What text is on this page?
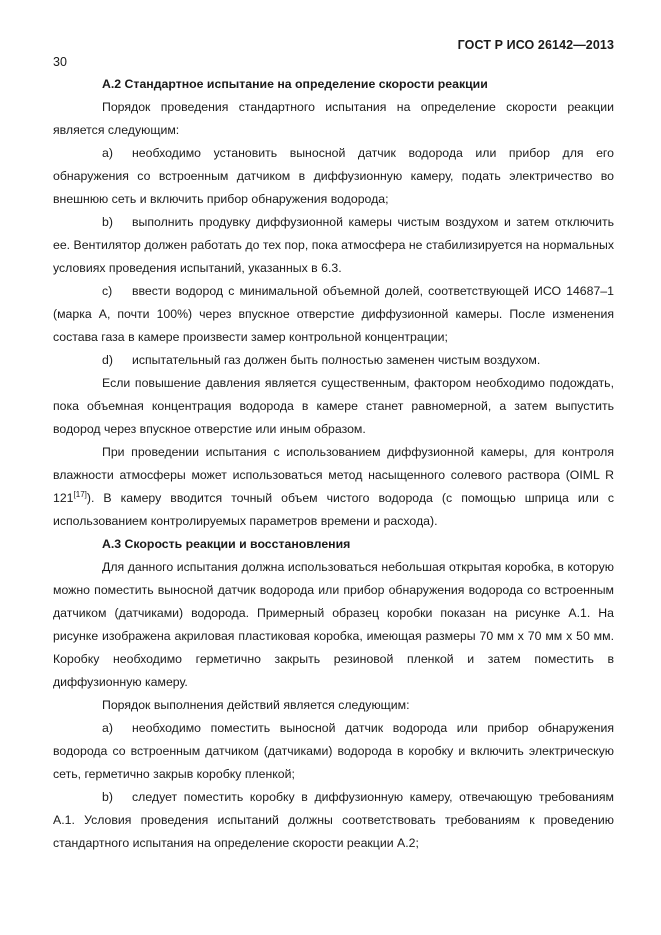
ГОСТ Р ИСО 26142—2013
30

А.2 Стандартное испытание на определение скорости реакции

Порядок проведения стандартного испытания на определение скорости реакции является следующим:

a) необходимо установить выносной датчик водорода или прибор для его обнаружения со встроенным датчиком в диффузионную камеру, подать электричество во внешнюю сеть и включить прибор обнаружения водорода;

b) выполнить продувку диффузионной камеры чистым воздухом и затем отключить ее. Вентилятор должен работать до тех пор, пока атмосфера не стабилизируется на нормальных условиях проведения испытаний, указанных в 6.3.

c) ввести водород с минимальной объемной долей, соответствующей ИСО 14687–1 (марка А, почти 100%) через впускное отверстие диффузионной камеры. После изменения состава газа в камере произвести замер контрольной концентрации;

d) испытательный газ должен быть полностью заменен чистым воздухом.

Если повышение давления является существенным, фактором необходимо подождать, пока объемная концентрация водорода в камере станет равномерной, а затем выпустить водород через впускное отверстие или иным образом.

При проведении испытания с использованием диффузионной камеры, для контроля влажности атмосферы может использоваться метод насыщенного солевого раствора (OIML R 121[17]). В камеру вводится точный объем чистого водорода (с помощью шприца или с использованием контролируемых параметров времени и расхода).

А.3 Скорость реакции и восстановления

Для данного испытания должна использоваться небольшая открытая коробка, в которую можно поместить выносной датчик водорода или прибор обнаружения водорода со встроенным датчиком (датчиками) водорода. Примерный образец коробки показан на рисунке А.1. На рисунке изображена акриловая пластиковая коробка, имеющая размеры 70 мм x 70 мм x 50 мм. Коробку необходимо герметично закрыть резиновой пленкой и затем поместить в диффузионную камеру.

Порядок выполнения действий является следующим:

a) необходимо поместить выносной датчик водорода или прибор обнаружения водорода со встроенным датчиком (датчиками) водорода в коробку и включить электрическую сеть, герметично закрыв коробку пленкой;

b) следует поместить коробку в диффузионную камеру, отвечающую требованиям А.1. Условия проведения испытаний должны соответствовать требованиям к проведению стандартного испытания на определение скорости реакции А.2;
